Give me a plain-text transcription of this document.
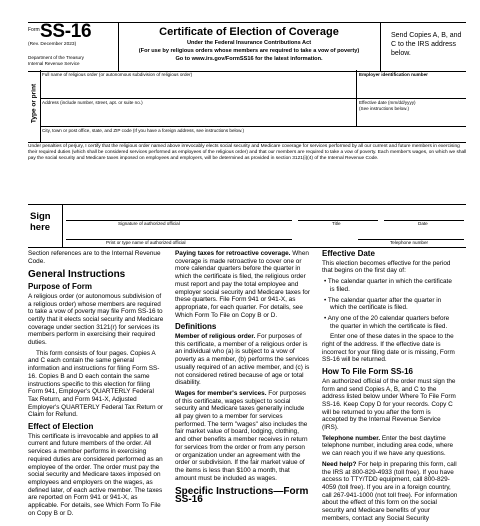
Form SS-16
(Rev. December 2023)
Department of the Treasury
Internal Revenue Service
Certificate of Election of Coverage
Under the Federal Insurance Contributions Act
(For use by religious orders whose members are required to take a vow of poverty)
Go to www.irs.gov/FormSS16 for the latest information.
Send Copies A, B, and C to the IRS address below.
Type or print
Full name of religious order (or autonomous subdivision of religious order)	Employer identification number
Address (include number, street, apt. or suite no.)	Effective date (mm/dd/yyyy)
(See instructions below.)
City, town or post office, state, and ZIP code (If you have a foreign address, see instructions below.)
Under penalties of perjury, I certify that the religious order named above irrevocably elects social security and Medicare coverage for services performed by all our current and future members in exercising their required duties (which shall be considered services performed as employees of the religious order) and that our members are required to take a vow of poverty. Each member's wages, on which we shall pay the social security and Medicare taxes imposed on employees and employers, will be determined as provided in section 3121(i)(4) of the Internal Revenue Code.
Sign
here	Signature of authorized official	Title	Date
Print or type name of authorized official	Telephone number

Section references are to the Internal Revenue Code.

General Instructions
Purpose of Form

A religious order (or autonomous subdivision of a religious order) whose members are required to take a vow of poverty may file Form SS-16 to certify that it elects social security and Medicare coverage under section 3121(r) for services its members perform in exercising their required duties.

This form consists of four pages. Copies A and C each contain the same general information and instructions for filing Form SS-16. Copies B and D each contain the same instructions specific to this election for filing Form 941, Employer's QUARTERLY Federal Tax Return, and Form 941-X, Adjusted Employer's QUARTERLY Federal Tax Return or Claim for Refund.

Effect of Election

This certificate is irrevocable and applies to all current and future members of the order. All services a member performs in exercising required duties are considered performed as an employee of the order. The order must pay the social security and Medicare taxes imposed on employees and employers on the wages, as defined later, of each active member. The taxes are reported on Form 941 or 941-X, as applicable. For details, see Which Form To File on Copy B or D.

Paying taxes for retroactive coverage. When coverage is made retroactive to cover one or more calendar quarters before the quarter in which the certificate is filed, the religious order must report and pay the total employee and employer social security and Medicare taxes for these quarters. File Form 941 or 941-X, as appropriate, for each quarter. For details, see Which Form To File on Copy B or D.

Definitions

Member of religious order. For purposes of this certificate, a member of a religious order is an individual who (a) is subject to a vow of poverty as a member, (b) performs the services usually required of an active member, and (c) is not considered retired because of age or total disability.

Wages for member's services. For purposes of this certificate, wages subject to social security and Medicare taxes generally include all pay given to a member for services performed. The term "wages" also includes the fair market value of board, lodging, clothing, and other benefits a member receives in return for services from the order or from any person or organization under an agreement with the order or subdivision. If the fair market value of the items is less than $100 a month, that amount must be included as wages.

Specific Instructions—Form SS-16
Effective Date

This election becomes effective for the period that begins on the first day of:

• The calendar quarter in which the certificate is filed.

• The calendar quarter after the quarter in which the certificate is filed.

• Any one of the 20 calendar quarters before the quarter in which the certificate is filed.

Enter one of these dates in the space to the right of the address. If the effective date is incorrect for your filing date or is missing, Form SS-16 will be returned.

How To File Form SS-16

An authorized official of the order must sign the form and send Copies A, B, and C to the address listed below under Where To File Form SS-16. Keep Copy D for your records. Copy C will be returned to you after the form is accepted by the Internal Revenue Service (IRS).

Telephone number. Enter the best daytime telephone number, including area code, where we can reach you if we have any questions.

Need help? For help in preparing this form, call the IRS at 800-829-4933 (toll free). If you have access to TTY/TDD equipment, call 800-829-4059 (toll free). If you are in a foreign country, call 267-941-1000 (not toll free). For information about the effect of this form on the social security and Medicare benefits of your members, contact any Social Security
